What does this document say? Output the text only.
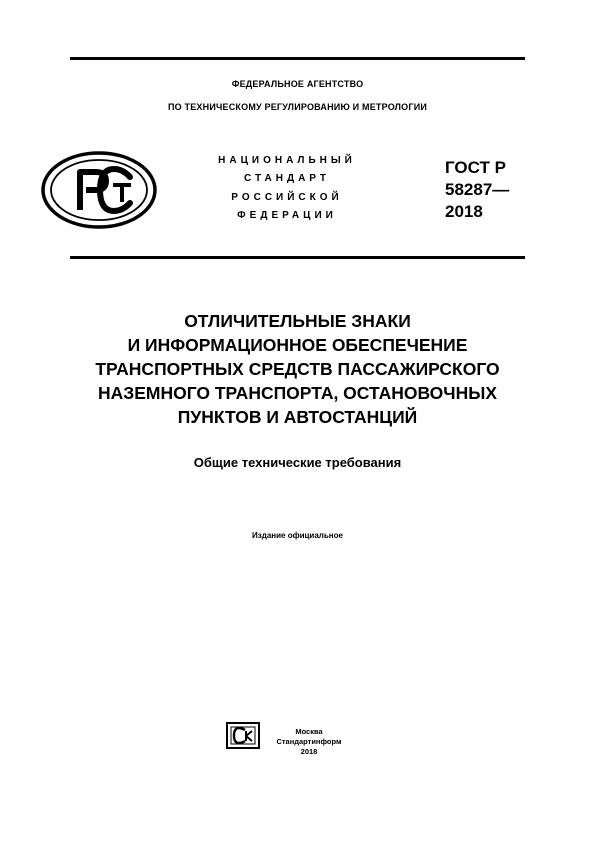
ФЕДЕРАЛЬНОЕ АГЕНТСТВО
ПО ТЕХНИЧЕСКОМУ РЕГУЛИРОВАНИЮ И МЕТРОЛОГИИ
НАЦИОНАЛЬНЫЙ
СТАНДАРТ
РОССИЙСКОЙ
ФЕДЕРАЦИИ
ГОСТ Р
58287—
2018
ОТЛИЧИТЕЛЬНЫЕ ЗНАКИ
И ИНФОРМАЦИОННОЕ ОБЕСПЕЧЕНИЕ
ТРАНСПОРТНЫХ СРЕДСТВ ПАССАЖИРСКОГО
НАЗЕМНОГО ТРАНСПОРТА, ОСТАНОВОЧНЫХ
ПУНКТОВ И АВТОСТАНЦИЙ
Общие технические требования
Издание официальное
Москва
Стандартинформ
2018
